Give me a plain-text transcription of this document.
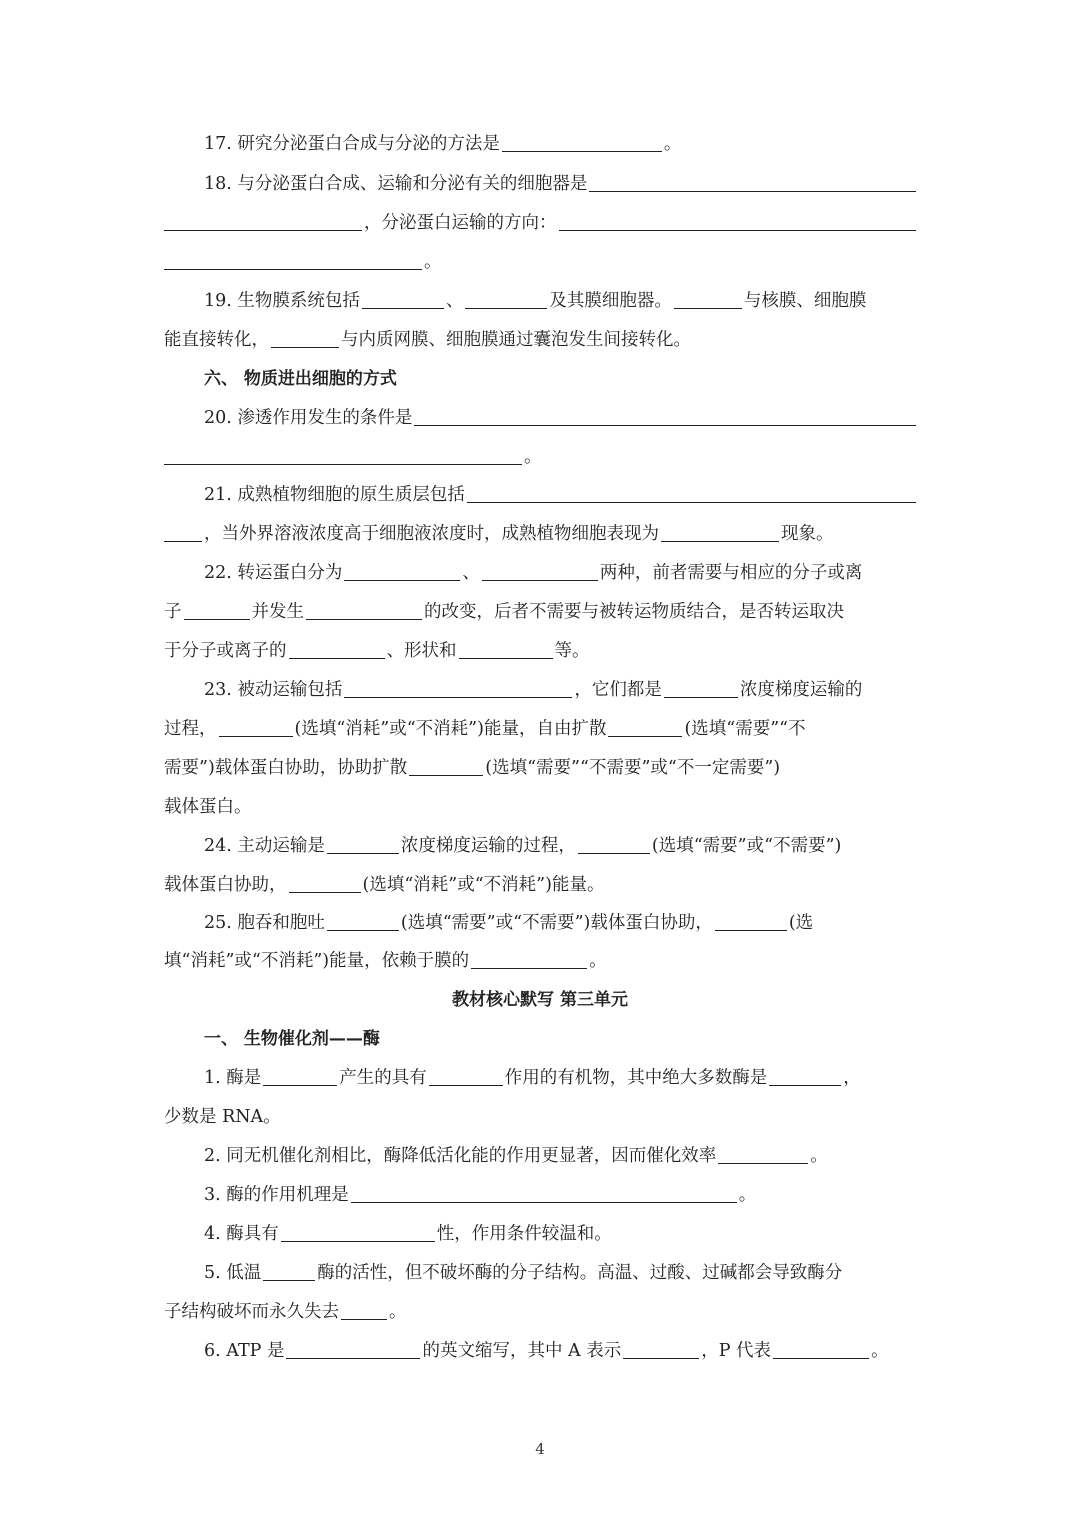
17. 研究分泌蛋白合成与分泌的方法是	。
18. 与分泌蛋白合成、运输和分泌有关的细胞器是
，分泌蛋白运输的方向：
。
19. 生物膜系统包括	、	及其膜细胞器。	与核膜、细胞膜
能直接转化，	与内质网膜、细胞膜通过囊泡发生间接转化。
六、 物质进出细胞的方式
20. 渗透作用发生的条件是
。
21. 成熟植物细胞的原生质层包括
，当外界溶液浓度高于细胞液浓度时，成熟植物细胞表现为	现象。
22. 转运蛋白分为	、	两种，前者需要与相应的分子或离
子	并发生	的改变，后者不需要与被转运物质结合，是否转运取决
于分子或离子的	、形状和	等。
23. 被动运输包括	，它们都是	浓度梯度运输的
过程，	(选填“消耗”或“不消耗”)能量，自由扩散	(选填“需要”“不
需要”)载体蛋白协助，协助扩散	(选填“需要”“不需要”或“不一定需要”)
载体蛋白。
24. 主动运输是	浓度梯度运输的过程，	(选填“需要”或“不需要”)
载体蛋白协助，	(选填“消耗”或“不消耗”)能量。
25. 胞吞和胞吐	(选填“需要”或“不需要”)载体蛋白协助，	(选
填“消耗”或“不消耗”)能量，依赖于膜的	。
教材核心默写 第三单元
一、 生物催化剂——酶
1. 酶是	产生的具有	作用的有机物，其中绝大多数酶是	，
少数是 RNA。
2. 同无机催化剂相比，酶降低活化能的作用更显著，因而催化效率	。
3. 酶的作用机理是	。
4. 酶具有	性，作用条件较温和。
5. 低温	酶的活性，但不破坏酶的分子结构。高温、过酸、过碱都会导致酶分
子结构破坏而永久失去	。
6. ATP 是	的英文缩写，其中 A 表示	，P 代表	。
4
